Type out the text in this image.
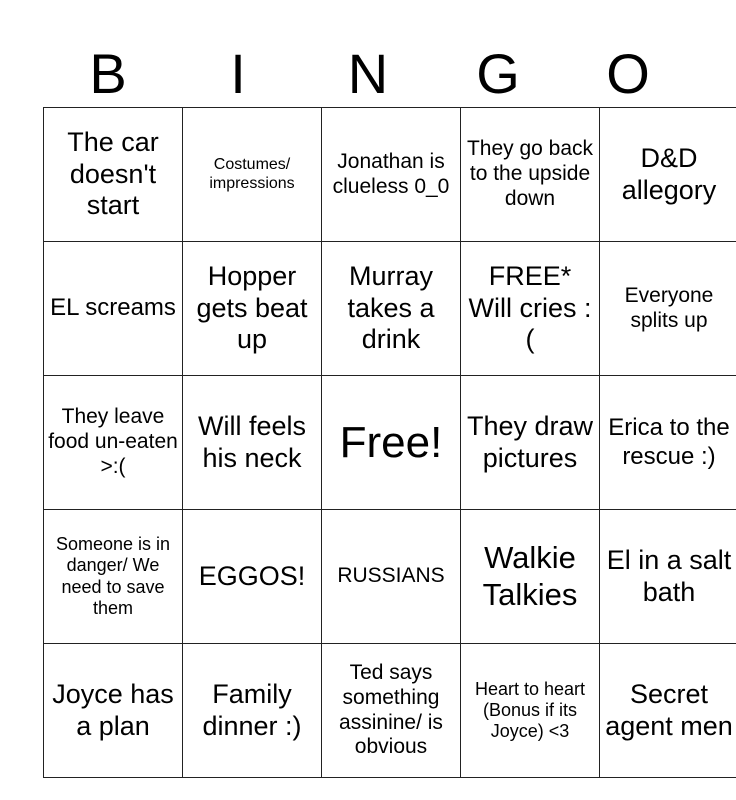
B	I	N	G	O
The car doesn't start	Costumes/ impressions	Jonathan is clueless 0_0	They go back to the upside down	D&D allegory
EL screams	Hopper gets beat up	Murray takes a drink	FREE* Will cries :(	Everyone splits up
They leave food un-eaten >:(	Will feels his neck	Free!	They draw pictures	Erica to the rescue :)
Someone is in danger/ We need to save them	EGGOS!	RUSSIANS	Walkie Talkies	El in a salt bath
Joyce has a plan	Family dinner :)	Ted says something assinine/ is obvious	Heart to heart (Bonus if its Joyce) <3	Secret agent men
